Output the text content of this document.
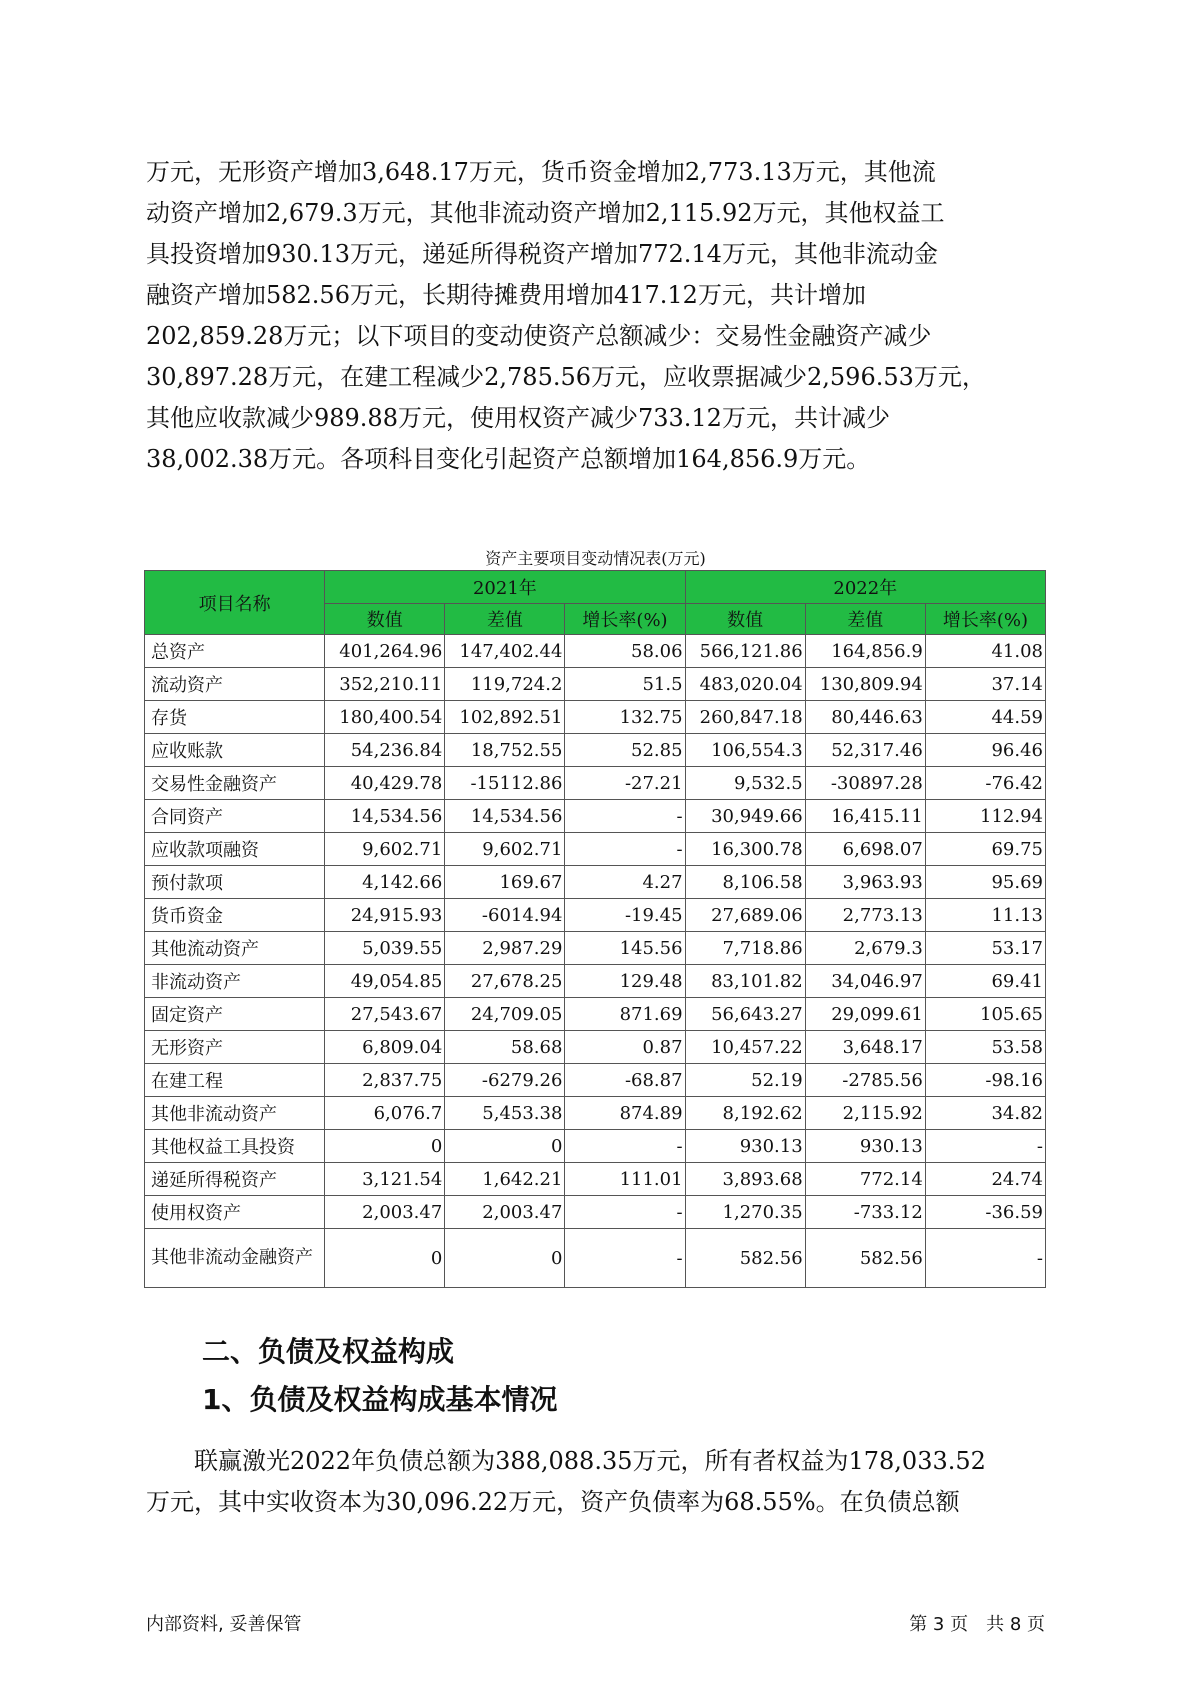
万元，无形资产增加3,648.17万元，货币资金增加2,773.13万元，其他流

动资产增加2,679.3万元，其他非流动资产增加2,115.92万元，其他权益工

具投资增加930.13万元，递延所得税资产增加772.14万元，其他非流动金

融资产增加582.56万元，长期待摊费用增加417.12万元，共计增加

202,859.28万元；以下项目的变动使资产总额减少：交易性金融资产减少

30,897.28万元，在建工程减少2,785.56万元，应收票据减少2,596.53万元，

其他应收款减少989.88万元，使用权资产减少733.12万元，共计减少

38,002.38万元。各项科目变化引起资产总额增加164,856.9万元。

资产主要项目变动情况表(万元)
项目名称	2021年			2022年		
	数值	差值	增长率(%)	数值	差值	增长率(%)
总资产	401,264.96	147,402.44	58.06	566,121.86	164,856.9	41.08
流动资产	352,210.11	119,724.2	51.5	483,020.04	130,809.94	37.14
存货	180,400.54	102,892.51	132.75	260,847.18	80,446.63	44.59
应收账款	54,236.84	18,752.55	52.85	106,554.3	52,317.46	96.46
交易性金融资产	40,429.78	-15112.86	-27.21	9,532.5	-30897.28	-76.42
合同资产	14,534.56	14,534.56	-	30,949.66	16,415.11	112.94
应收款项融资	9,602.71	9,602.71	-	16,300.78	6,698.07	69.75
预付款项	4,142.66	169.67	4.27	8,106.58	3,963.93	95.69
货币资金	24,915.93	-6014.94	-19.45	27,689.06	2,773.13	11.13
其他流动资产	5,039.55	2,987.29	145.56	7,718.86	2,679.3	53.17
非流动资产	49,054.85	27,678.25	129.48	83,101.82	34,046.97	69.41
固定资产	27,543.67	24,709.05	871.69	56,643.27	29,099.61	105.65
无形资产	6,809.04	58.68	0.87	10,457.22	3,648.17	53.58
在建工程	2,837.75	-6279.26	-68.87	52.19	-2785.56	-98.16
其他非流动资产	6,076.7	5,453.38	874.89	8,192.62	2,115.92	34.82
其他权益工具投资	0	0	-	930.13	930.13	-
递延所得税资产	3,121.54	1,642.21	111.01	3,893.68	772.14	24.74
使用权资产	2,003.47	2,003.47	-	1,270.35	-733.12	-36.59
其他非流动金融资产	0	0	-	582.56	582.56	-
二、负债及权益构成
1、负债及权益构成基本情况

联赢激光2022年负债总额为388,088.35万元，所有者权益为178,033.52

万元，其中实收资本为30,096.22万元，资产负债率为68.55%。在负债总额

内部资料, 妥善保管	第 3 页　共 8 页
